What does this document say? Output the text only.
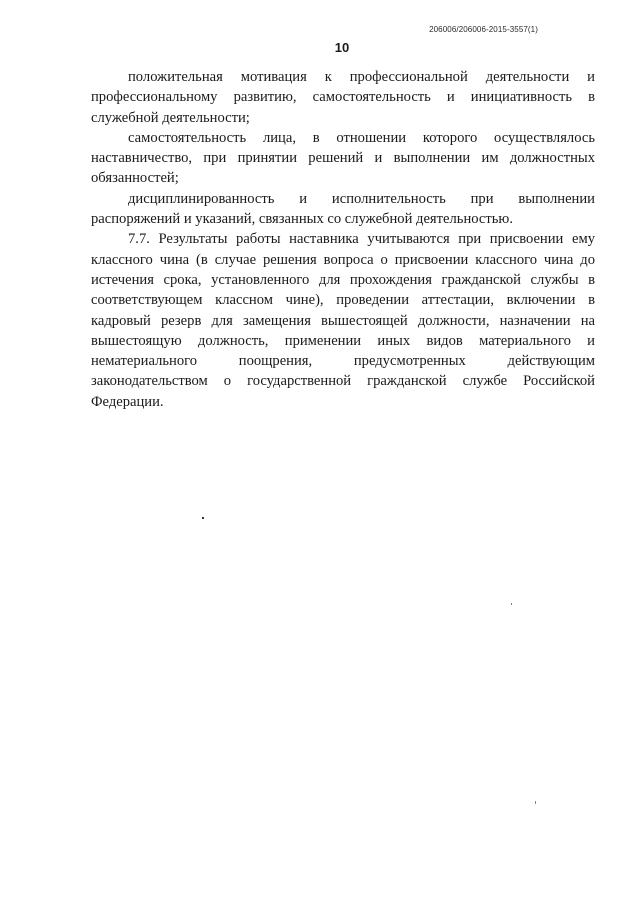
206006/206006-2015-3557(1)
10

положительная мотивация к профессиональной деятельности и профессиональному развитию, самостоятельность и инициативность в служебной деятельности;

самостоятельность лица, в отношении которого осуществлялось наставничество, при принятии решений и выполнении им должностных обязанностей;

дисциплинированность и исполнительность при выполнении распоряжений и указаний, связанных со служебной деятельностью.

7.7. Результаты работы наставника учитываются при присвоении ему классного чина (в случае решения вопроса о присвоении классного чина до истечения срока, установленного для прохождения гражданской службы в соответствующем классном чине), проведении аттестации, включении в кадровый резерв для замещения вышестоящей должности, назначении на вышестоящую должность, применении иных видов материального и нематериального поощрения, предусмотренных действующим законодательством о государственной гражданской службе Российской Федерации.
